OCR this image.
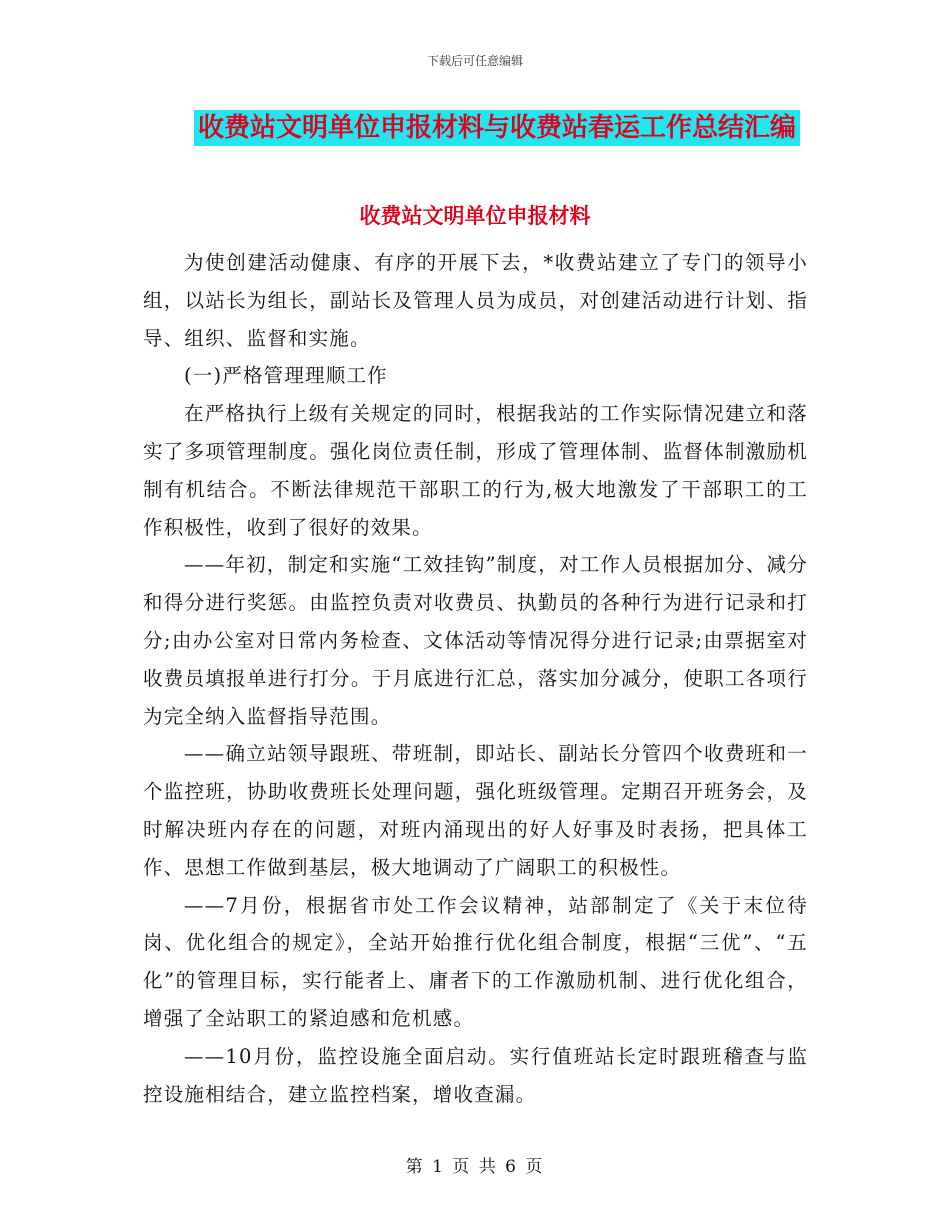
下载后可任意编辑
收费站文明单位申报材料与收费站春运工作总结汇编
收费站文明单位申报材料

为使创建活动健康、有序的开展下去，*收费站建立了专门的领导小组，以站长为组长，副站长及管理人员为成员，对创建活动进行计划、指导、组织、监督和实施。

(一)严格管理理顺工作

在严格执行上级有关规定的同时，根据我站的工作实际情况建立和落实了多项管理制度。强化岗位责任制，形成了管理体制、监督体制激励机制有机结合。不断法律规范干部职工的行为,极大地激发了干部职工的工作积极性，收到了很好的效果。

——年初，制定和实施“工效挂钩”制度，对工作人员根据加分、减分和得分进行奖惩。由监控负责对收费员、执勤员的各种行为进行记录和打分;由办公室对日常内务检查、文体活动等情况得分进行记录;由票据室对收费员填报单进行打分。于月底进行汇总，落实加分减分，使职工各项行为完全纳入监督指导范围。

——确立站领导跟班、带班制，即站长、副站长分管四个收费班和一个监控班，协助收费班长处理问题，强化班级管理。定期召开班务会，及时解决班内存在的问题，对班内涌现出的好人好事及时表扬，把具体工作、思想工作做到基层，极大地调动了广阔职工的积极性。

——7月份，根据省市处工作会议精神，站部制定了《关于末位待岗、优化组合的规定》，全站开始推行优化组合制度，根据“三优”、“五化”的管理目标，实行能者上、庸者下的工作激励机制、进行优化组合，增强了全站职工的紧迫感和危机感。

——10月份，监控设施全面启动。实行值班站长定时跟班稽查与监控设施相结合，建立监控档案，增收查漏。

第 1 页 共 6 页
